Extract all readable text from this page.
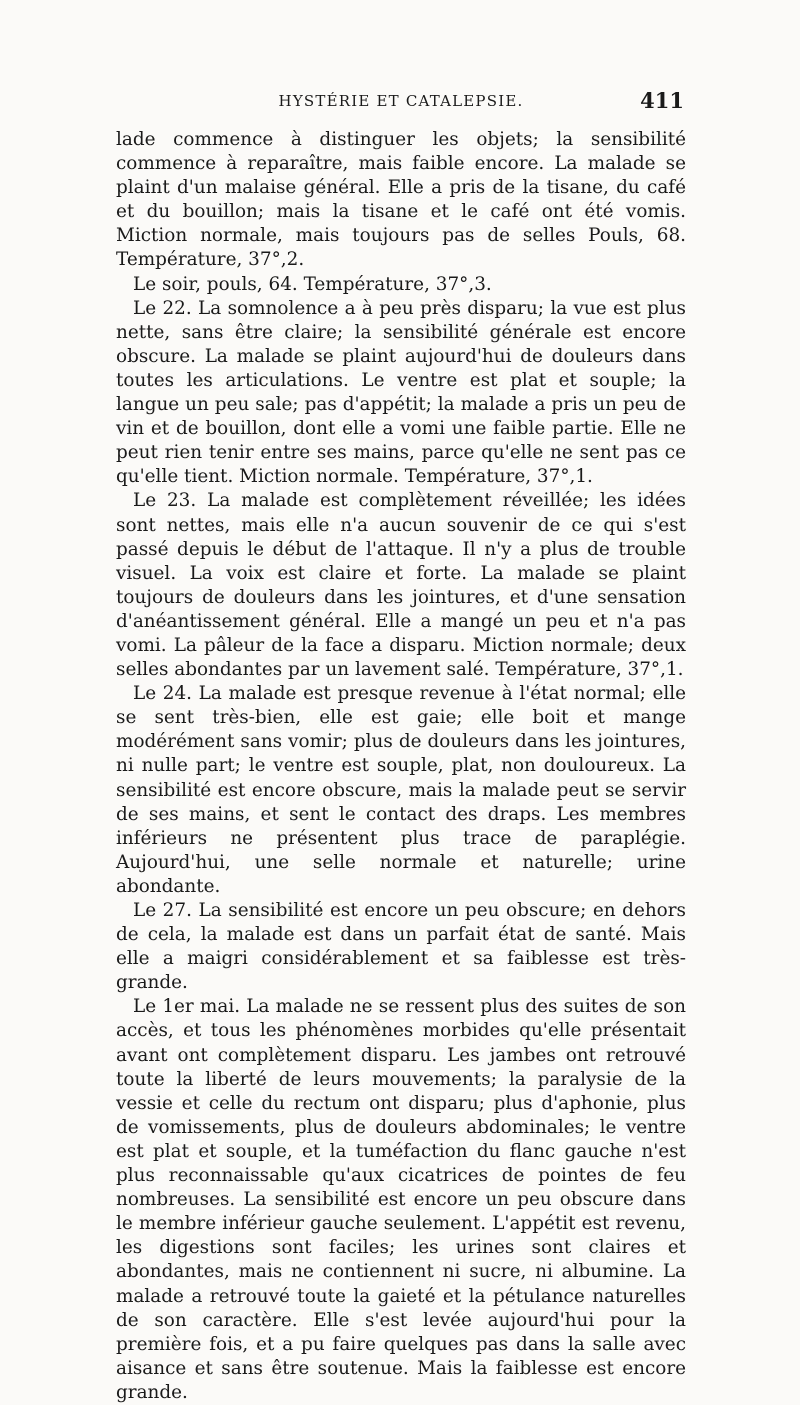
HYSTÉRIE ET CATALEPSIE.	411

lade commence à distinguer les objets; la sensibilité commence à reparaître, mais faible encore. La malade se plaint d'un malaise général. Elle a pris de la tisane, du café et du bouillon; mais la tisane et le café ont été vomis. Miction normale, mais toujours pas de selles Pouls, 68. Température, 37°,2.

Le soir, pouls, 64. Température, 37°,3.

Le 22. La somnolence a à peu près disparu; la vue est plus nette, sans être claire; la sensibilité générale est encore obscure. La malade se plaint aujourd'hui de douleurs dans toutes les articulations. Le ventre est plat et souple; la langue un peu sale; pas d'appétit; la malade a pris un peu de vin et de bouillon, dont elle a vomi une faible partie. Elle ne peut rien tenir entre ses mains, parce qu'elle ne sent pas ce qu'elle tient. Miction normale. Température, 37°,1.

Le 23. La malade est complètement réveillée; les idées sont nettes, mais elle n'a aucun souvenir de ce qui s'est passé depuis le début de l'attaque. Il n'y a plus de trouble visuel. La voix est claire et forte. La malade se plaint toujours de douleurs dans les jointures, et d'une sensation d'anéantissement général. Elle a mangé un peu et n'a pas vomi. La pâleur de la face a disparu. Miction normale; deux selles abondantes par un lavement salé. Température, 37°,1.

Le 24. La malade est presque revenue à l'état normal; elle se sent très-bien, elle est gaie; elle boit et mange modérément sans vomir; plus de douleurs dans les jointures, ni nulle part; le ventre est souple, plat, non douloureux. La sensibilité est encore obscure, mais la malade peut se servir de ses mains, et sent le contact des draps. Les membres inférieurs ne présentent plus trace de paraplégie. Aujourd'hui, une selle normale et naturelle; urine abondante.

Le 27. La sensibilité est encore un peu obscure; en dehors de cela, la malade est dans un parfait état de santé. Mais elle a maigri considérablement et sa faiblesse est très-grande.

Le 1er mai. La malade ne se ressent plus des suites de son accès, et tous les phénomènes morbides qu'elle présentait avant ont complètement disparu. Les jambes ont retrouvé toute la liberté de leurs mouvements; la paralysie de la vessie et celle du rectum ont disparu; plus d'aphonie, plus de vomissements, plus de douleurs abdominales; le ventre est plat et souple, et la tuméfaction du flanc gauche n'est plus reconnaissable qu'aux cicatrices de pointes de feu nombreuses. La sensibilité est encore un peu obscure dans le membre inférieur gauche seulement. L'appétit est revenu, les digestions sont faciles; les urines sont claires et abondantes, mais ne contiennent ni sucre, ni albumine. La malade a retrouvé toute la gaieté et la pétulance naturelles de son caractère. Elle s'est levée aujourd'hui pour la première fois, et a pu faire quelques pas dans la salle avec aisance et sans être soutenue. Mais la faiblesse est encore grande.
